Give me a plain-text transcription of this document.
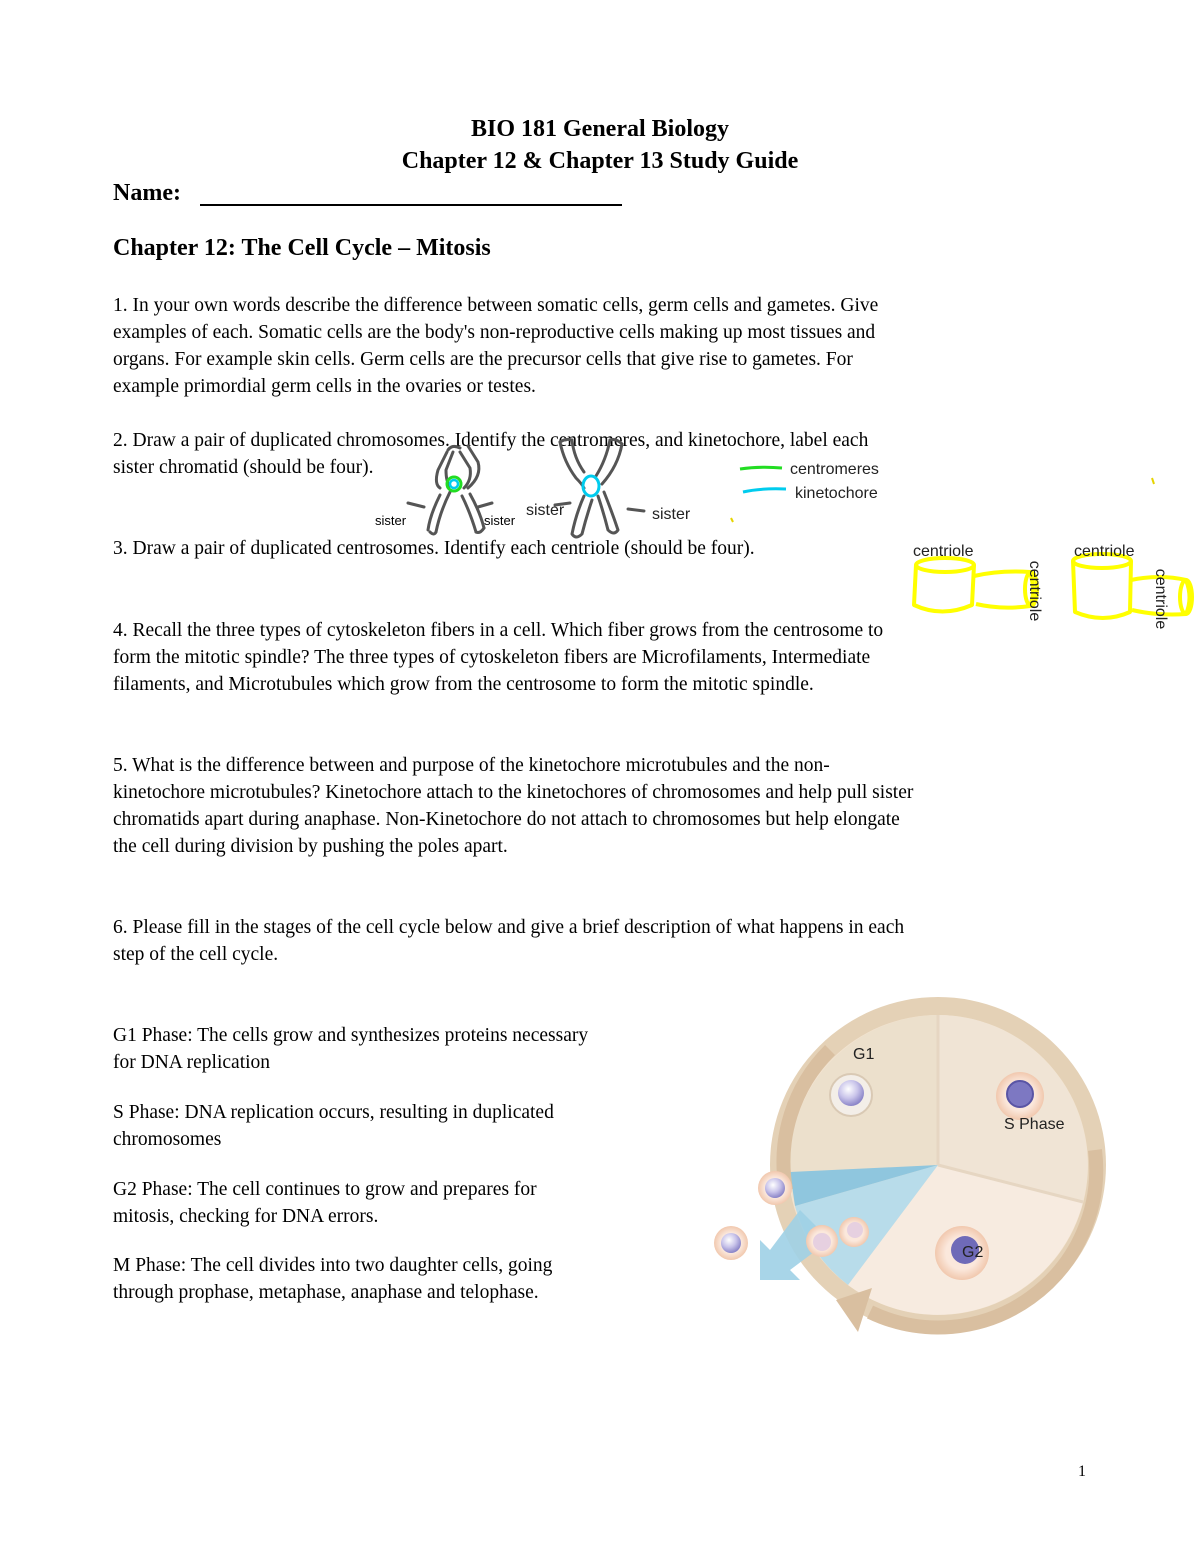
BIO 181 General Biology
Chapter 12 & Chapter 13 Study Guide
Name:
Chapter 12: The Cell Cycle – Mitosis
1. In your own words describe the difference between somatic cells, germ cells and gametes. Give
examples of each. Somatic cells are the body's non-reproductive cells making up most tissues and
organs. For example skin cells. Germ cells are the precursor cells that give rise to gametes. For
example primordial germ cells in the ovaries or testes.
2. Draw a pair of duplicated chromosomes. Identify the centromeres, and kinetochore, label each
sister chromatid (should be four).
sister	sister
sister	sister
centromeres
kinetochore
3. Draw a pair of duplicated centrosomes. Identify each centriole (should be four).	centriole	centriole
centriole	centriole
4. Recall the three types of cytoskeleton fibers in a cell. Which fiber grows from the centrosome to
form the mitotic spindle? The three types of cytoskeleton fibers are Microfilaments, Intermediate
filaments, and Microtubules which grow from the centrosome to form the mitotic spindle.
5. What is the difference between and purpose of the kinetochore microtubules and the non-
kinetochore microtubules? Kinetochore attach to the kinetochores of chromosomes and help pull sister
chromatids apart during anaphase. Non-Kinetochore do not attach to chromosomes but help elongate
the cell during division by pushing the poles apart.
6. Please fill in the stages of the cell cycle below and give a brief description of what happens in each
step of the cell cycle.
G1 Phase: The cells grow and synthesizes proteins necessary
for DNA replication
S Phase: DNA replication occurs, resulting in duplicated
chromosomes
G2 Phase: The cell continues to grow and prepares for
mitosis, checking for DNA errors.
M Phase: The cell divides into two daughter cells, going
through prophase, metaphase, anaphase and telophase.
G1
S Phase
G2
1
